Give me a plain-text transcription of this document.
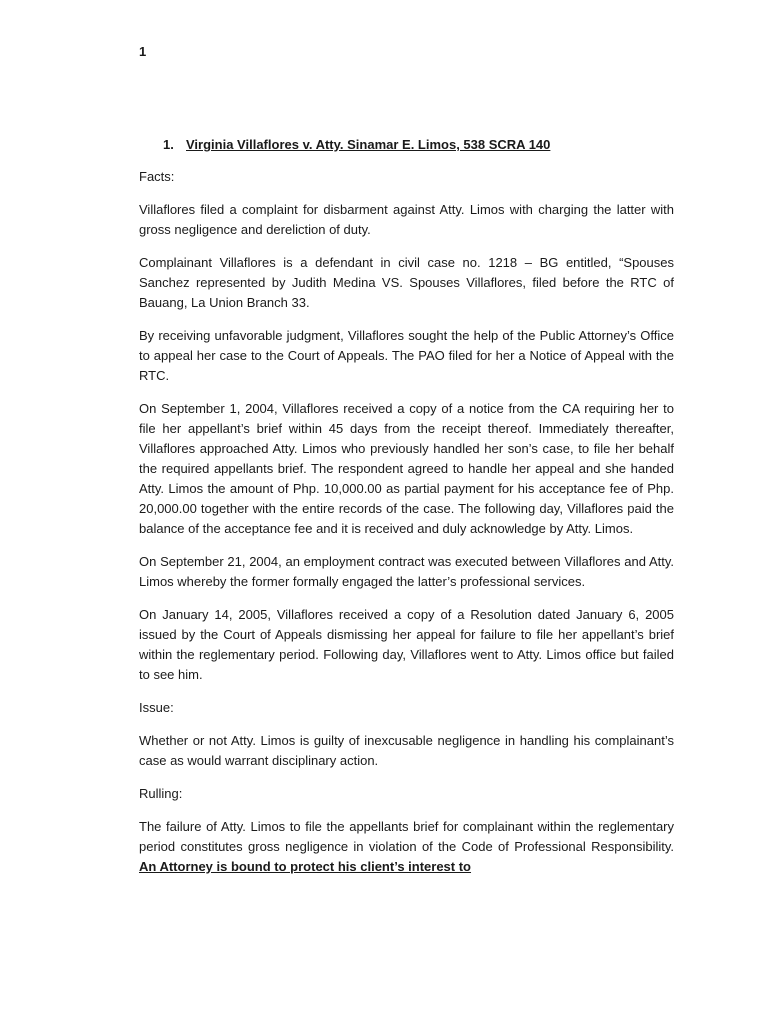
1
1. Virginia Villaflores v. Atty. Sinamar E. Limos, 538 SCRA 140
Facts:

Villaflores filed a complaint for disbarment against Atty. Limos with charging the latter with gross negligence and dereliction of duty.

Complainant Villaflores is a defendant in civil case no. 1218 – BG entitled, “Spouses Sanchez represented by Judith Medina VS. Spouses Villaflores, filed before the RTC of Bauang, La Union Branch 33.

By receiving unfavorable judgment, Villaflores sought the help of the Public Attorney’s Office to appeal her case to the Court of Appeals. The PAO filed for her a Notice of Appeal with the RTC.

On September 1, 2004, Villaflores received a copy of a notice from the CA requiring her to file her appellant’s brief within 45 days from the receipt thereof. Immediately thereafter, Villaflores approached Atty. Limos who previously handled her son’s case, to file her behalf the required appellants brief. The respondent agreed to handle her appeal and she handed Atty. Limos the amount of Php. 10,000.00 as partial payment for his acceptance fee of Php. 20,000.00 together with the entire records of the case. The following day, Villaflores paid the balance of the acceptance fee and it is received and duly acknowledge by Atty. Limos.

On September 21, 2004, an employment contract was executed between Villaflores and Atty. Limos whereby the former formally engaged the latter’s professional services.

On January 14, 2005, Villaflores received a copy of a Resolution dated January 6, 2005 issued by the Court of Appeals dismissing her appeal for failure to file her appellant’s brief within the reglementary period. Following day, Villaflores went to Atty. Limos office but failed to see him.

Issue:

Whether or not Atty. Limos is guilty of inexcusable negligence in handling his complainant’s case as would warrant disciplinary action.

Rulling:

The failure of Atty. Limos to file the appellants brief for complainant within the reglementary period constitutes gross negligence in violation of the Code of Professional Responsibility. An Attorney is bound to protect his client’s interest to
